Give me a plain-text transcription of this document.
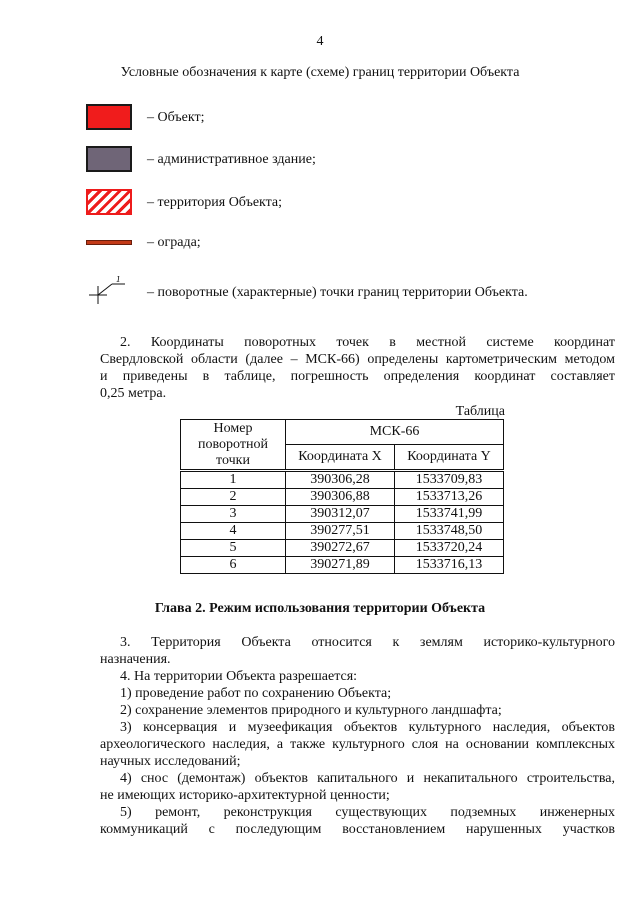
4
Условные обозначения к карте (схеме) границ территории Объекта
– Объект;
– административное здание;
– территория Объекта;
– ограда;
1
– поворотные (характерные) точки границ территории Объекта.

2. Координаты поворотных точек в местной системе координат

Свердловской области (далее – МСК-66) определены картометрическим методом

и приведены в таблице, погрешность определения координат составляет

0,25 метра.

Таблица
Номер
поворотной
точки	МСК-66	
	Координата X	Координата Y
1	390306,28	1533709,83
2	390306,88	1533713,26
3	390312,07	1533741,99
4	390277,51	1533748,50
5	390272,67	1533720,24
6	390271,89	1533716,13
Глава 2. Режим использования территории Объекта

3. Территория Объекта относится к землям историко-культурного

назначения.

4. На территории Объекта разрешается:

1) проведение работ по сохранению Объекта;

2) сохранение элементов природного и культурного ландшафта;

3) консервация и музеефикация объектов культурного наследия, объектов

археологического наследия, а также культурного слоя на основании комплексных

научных исследований;

4) снос (демонтаж) объектов капитального и некапитального строительства,

не имеющих историко-архитектурной ценности;

5) ремонт, реконструкция существующих подземных инженерных

коммуникаций с последующим восстановлением нарушенных участков
